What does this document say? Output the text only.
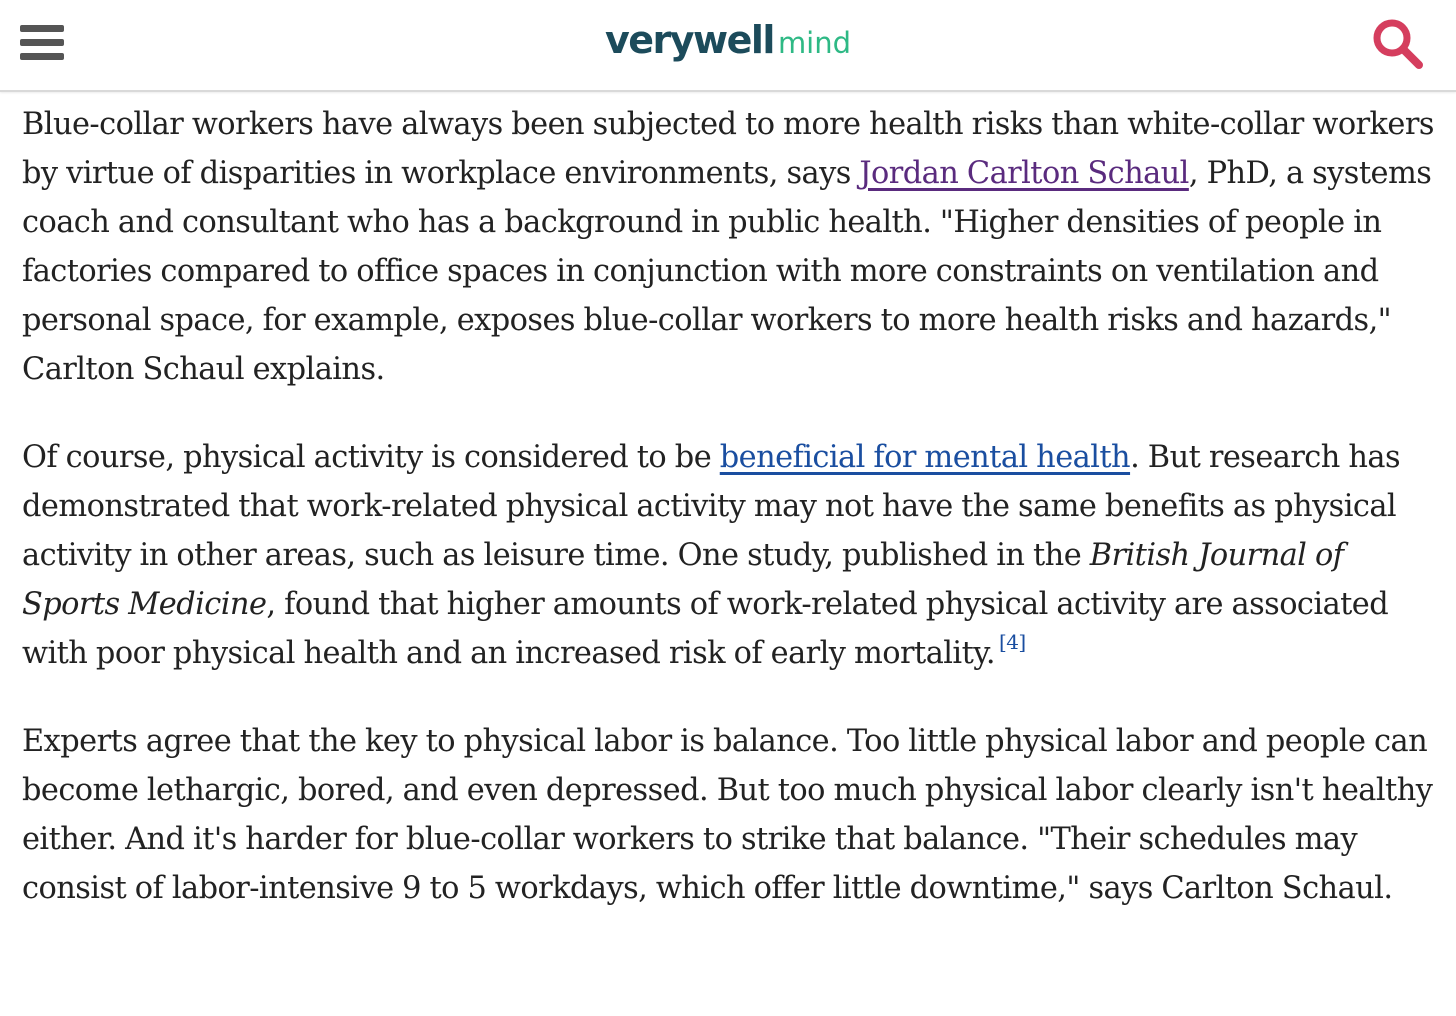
verywell mind

Blue-collar workers have always been subjected to more health risks than white-collar workers by virtue of disparities in workplace environments, says Jordan Carlton Schaul, PhD, a systems coach and consultant who has a background in public health. "Higher densities of people in factories compared to office spaces in conjunction with more constraints on ventilation and personal space, for example, exposes blue-collar workers to more health risks and hazards," Carlton Schaul explains.

Of course, physical activity is considered to be beneficial for mental health. But research has demonstrated that work-related physical activity may not have the same benefits as physical activity in other areas, such as leisure time. One study, published in the British Journal of Sports Medicine, found that higher amounts of work-related physical activity are associated with poor physical health and an increased risk of early mortality. [4]

Experts agree that the key to physical labor is balance. Too little physical labor and people can become lethargic, bored, and even depressed. But too much physical labor clearly isn't healthy either. And it's harder for blue-collar workers to strike that balance. "Their schedules may consist of labor-intensive 9 to 5 workdays, which offer little downtime," says Carlton Schaul.
